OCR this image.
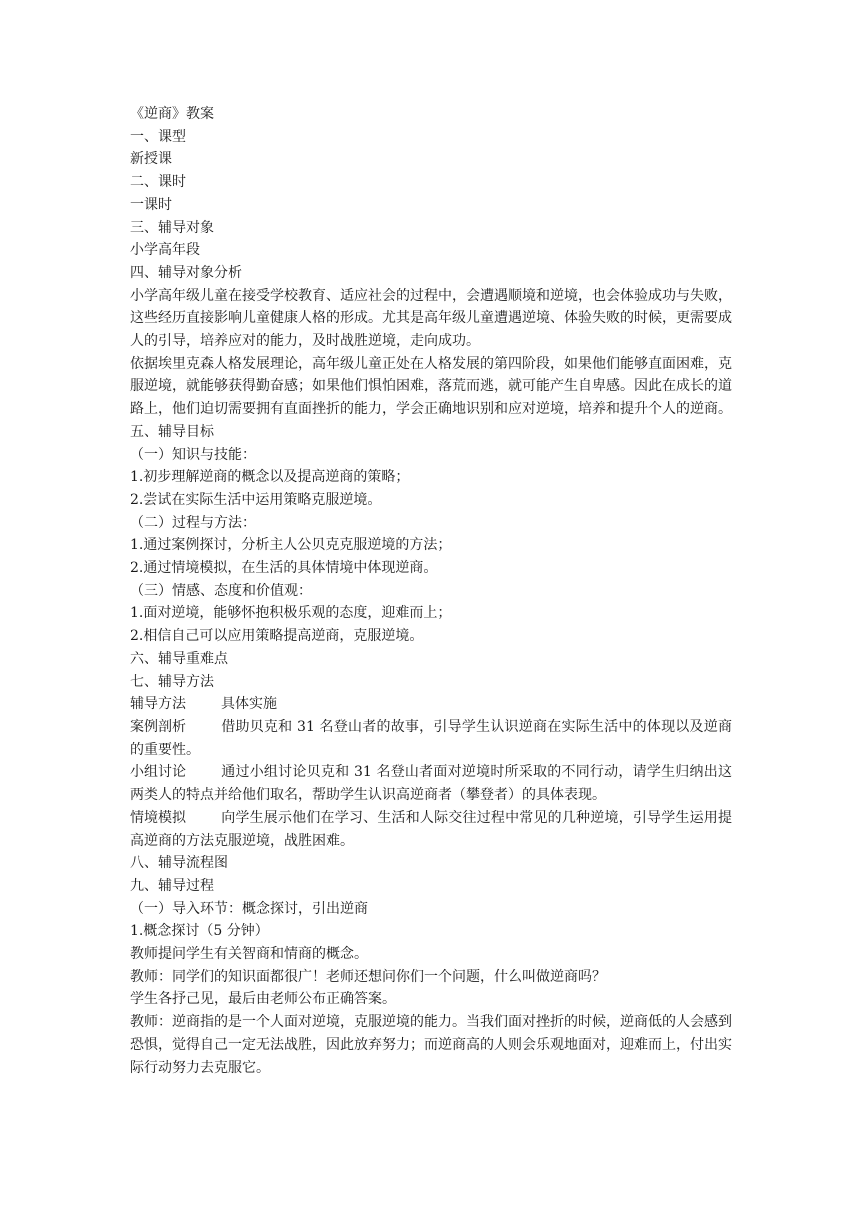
《逆商》教案

一、课型

新授课

二、课时

一课时

三、辅导对象

小学高年段

四、辅导对象分析

小学高年级儿童在接受学校教育、适应社会的过程中，会遭遇顺境和逆境，也会体验成功与失败，这些经历直接影响儿童健康人格的形成。尤其是高年级儿童遭遇逆境、体验失败的时候，更需要成人的引导，培养应对的能力，及时战胜逆境，走向成功。

依据埃里克森人格发展理论，高年级儿童正处在人格发展的第四阶段，如果他们能够直面困难，克服逆境，就能够获得勤奋感；如果他们惧怕困难，落荒而逃，就可能产生自卑感。因此在成长的道路上，他们迫切需要拥有直面挫折的能力，学会正确地识别和应对逆境，培养和提升个人的逆商。

五、辅导目标

（一）知识与技能：

1.初步理解逆商的概念以及提高逆商的策略；

2.尝试在实际生活中运用策略克服逆境。

（二）过程与方法：

1.通过案例探讨，分析主人公贝克克服逆境的方法；

2.通过情境模拟，在生活的具体情境中体现逆商。

（三）情感、态度和价值观：

1.面对逆境，能够怀抱积极乐观的态度，迎难而上；

2.相信自己可以应用策略提高逆商，克服逆境。

六、辅导重难点

七、辅导方法

辅导方法	具体实施

案例剖析	借助贝克和 31 名登山者的故事，引导学生认识逆商在实际生活中的体现以及逆商的重要性。

小组讨论	通过小组讨论贝克和 31 名登山者面对逆境时所采取的不同行动，请学生归纳出这两类人的特点并给他们取名，帮助学生认识高逆商者（攀登者）的具体表现。

情境模拟	向学生展示他们在学习、生活和人际交往过程中常见的几种逆境，引导学生运用提高逆商的方法克服逆境，战胜困难。

八、辅导流程图

九、辅导过程

（一）导入环节：概念探讨，引出逆商

1.概念探讨（5 分钟）

教师提问学生有关智商和情商的概念。

教师：同学们的知识面都很广！老师还想问你们一个问题，什么叫做逆商吗？

学生各抒己见，最后由老师公布正确答案。

教师：逆商指的是一个人面对逆境，克服逆境的能力。当我们面对挫折的时候，逆商低的人会感到恐惧，觉得自己一定无法战胜，因此放弃努力；而逆商高的人则会乐观地面对，迎难而上，付出实际行动努力去克服它。
